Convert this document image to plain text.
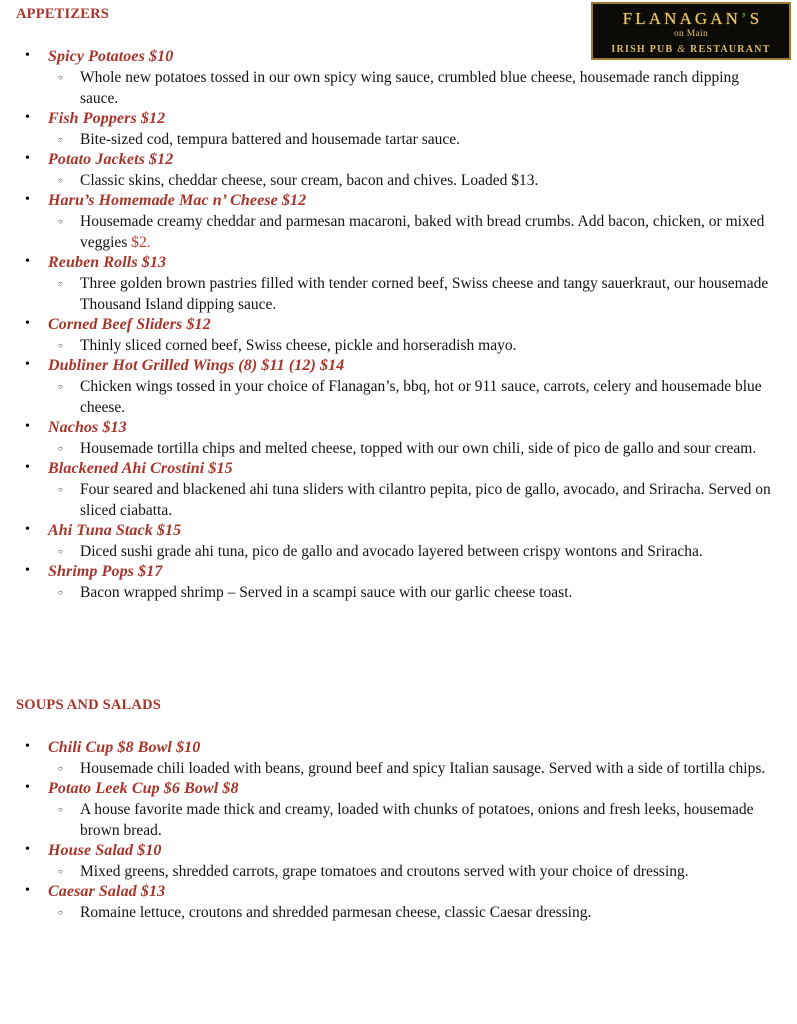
FLANAGAN’S
on Main
IRISH PUB & RESTAURANT
APPETIZERS
• Spicy Potatoes $10
○ Whole new potatoes tossed in our own spicy wing sauce, crumbled blue cheese, housemade ranch dipping sauce.
• Fish Poppers $12
○ Bite-sized cod, tempura battered and housemade tartar sauce.
• Potato Jackets $12
○ Classic skins, cheddar cheese, sour cream, bacon and chives. Loaded $13.
• Haru’s Homemade Mac n’ Cheese $12
○ Housemade creamy cheddar and parmesan macaroni, baked with bread crumbs. Add bacon, chicken, or mixed veggies $2.
• Reuben Rolls $13
○ Three golden brown pastries filled with tender corned beef, Swiss cheese and tangy sauerkraut, our housemade Thousand Island dipping sauce.
• Corned Beef Sliders $12
○ Thinly sliced corned beef, Swiss cheese, pickle and horseradish mayo.
• Dubliner Hot Grilled Wings (8) $11 (12) $14
○ Chicken wings tossed in your choice of Flanagan’s, bbq, hot or 911 sauce, carrots, celery and housemade blue cheese.
• Nachos $13
○ Housemade tortilla chips and melted cheese, topped with our own chili, side of pico de gallo and sour cream.
• Blackened Ahi Crostini $15
○ Four seared and blackened ahi tuna sliders with cilantro pepita, pico de gallo, avocado, and Sriracha. Served on sliced ciabatta.
• Ahi Tuna Stack $15
○ Diced sushi grade ahi tuna, pico de gallo and avocado layered between crispy wontons and Sriracha.
• Shrimp Pops $17
○ Bacon wrapped shrimp – Served in a scampi sauce with our garlic cheese toast.
SOUPS AND SALADS
• Chili Cup $8 Bowl $10
○ Housemade chili loaded with beans, ground beef and spicy Italian sausage. Served with a side of tortilla chips.
• Potato Leek Cup $6 Bowl $8
○ A house favorite made thick and creamy, loaded with chunks of potatoes, onions and fresh leeks, housemade brown bread.
• House Salad $10
○ Mixed greens, shredded carrots, grape tomatoes and croutons served with your choice of dressing.
• Caesar Salad $13
○ Romaine lettuce, croutons and shredded parmesan cheese, classic Caesar dressing.
